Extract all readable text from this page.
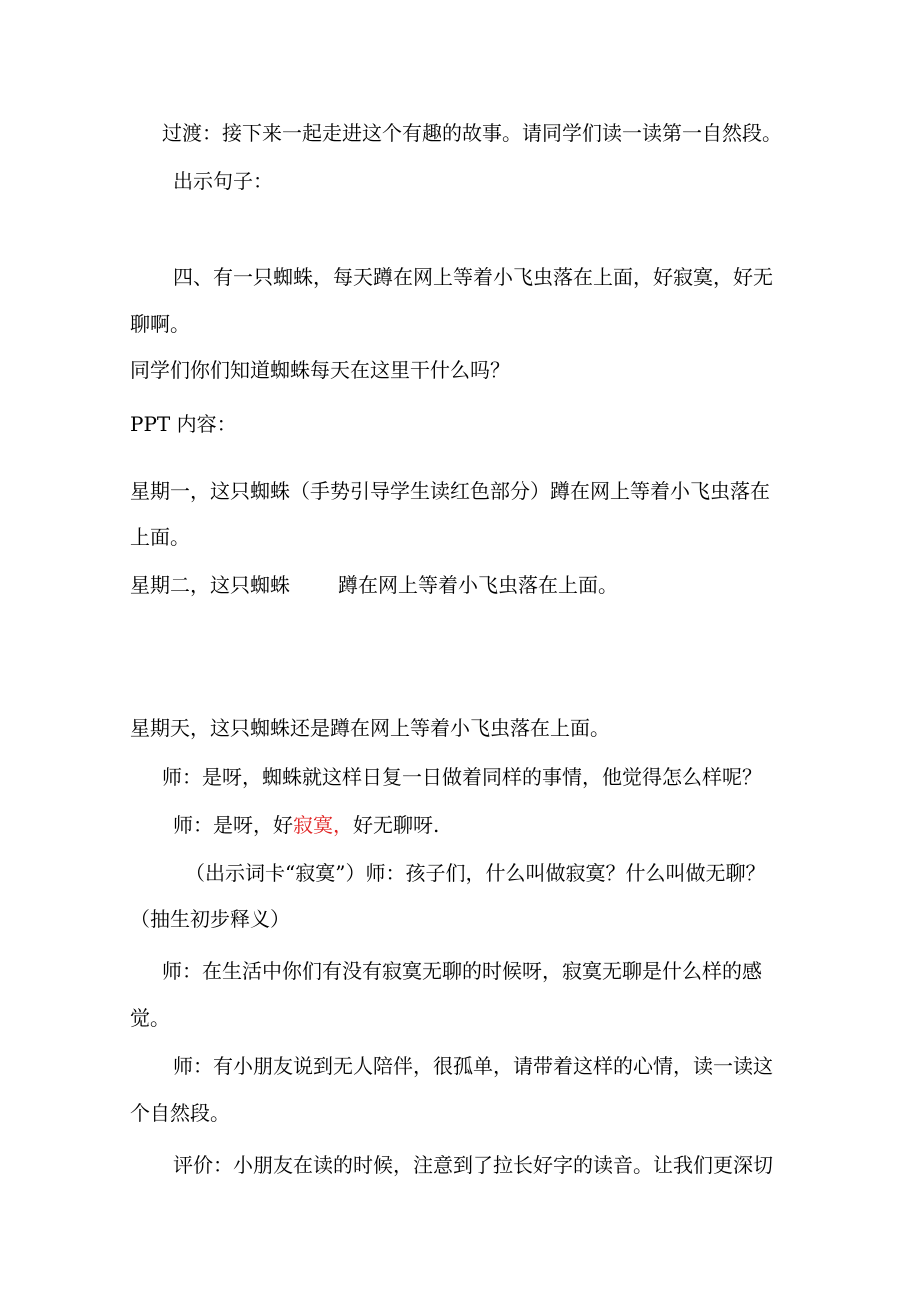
过渡：接下来一起走进这个有趣的故事。请同学们读一读第一自然段。

出示句子：

四、有一只蜘蛛，每天蹲在网上等着小飞虫落在上面，好寂寞，好无

聊啊。

同学们你们知道蜘蛛每天在这里干什么吗？

PPT 内容：

星期一，这只蜘蛛（手势引导学生读红色部分）蹲在网上等着小飞虫落在

上面。

星期二，这只蜘蛛 蹲在网上等着小飞虫落在上面。

星期天，这只蜘蛛还是蹲在网上等着小飞虫落在上面。

师：是呀，蜘蛛就这样日复一日做着同样的事情，他觉得怎么样呢？

师：是呀，好寂寞，好无聊呀.

（出示词卡“寂寞”）师：孩子们，什么叫做寂寞？什么叫做无聊？

（抽生初步释义）

师：在生活中你们有没有寂寞无聊的时候呀，寂寞无聊是什么样的感

觉。

师：有小朋友说到无人陪伴，很孤单，请带着这样的心情，读一读这

个自然段。

评价：小朋友在读的时候，注意到了拉长好字的读音。让我们更深切
